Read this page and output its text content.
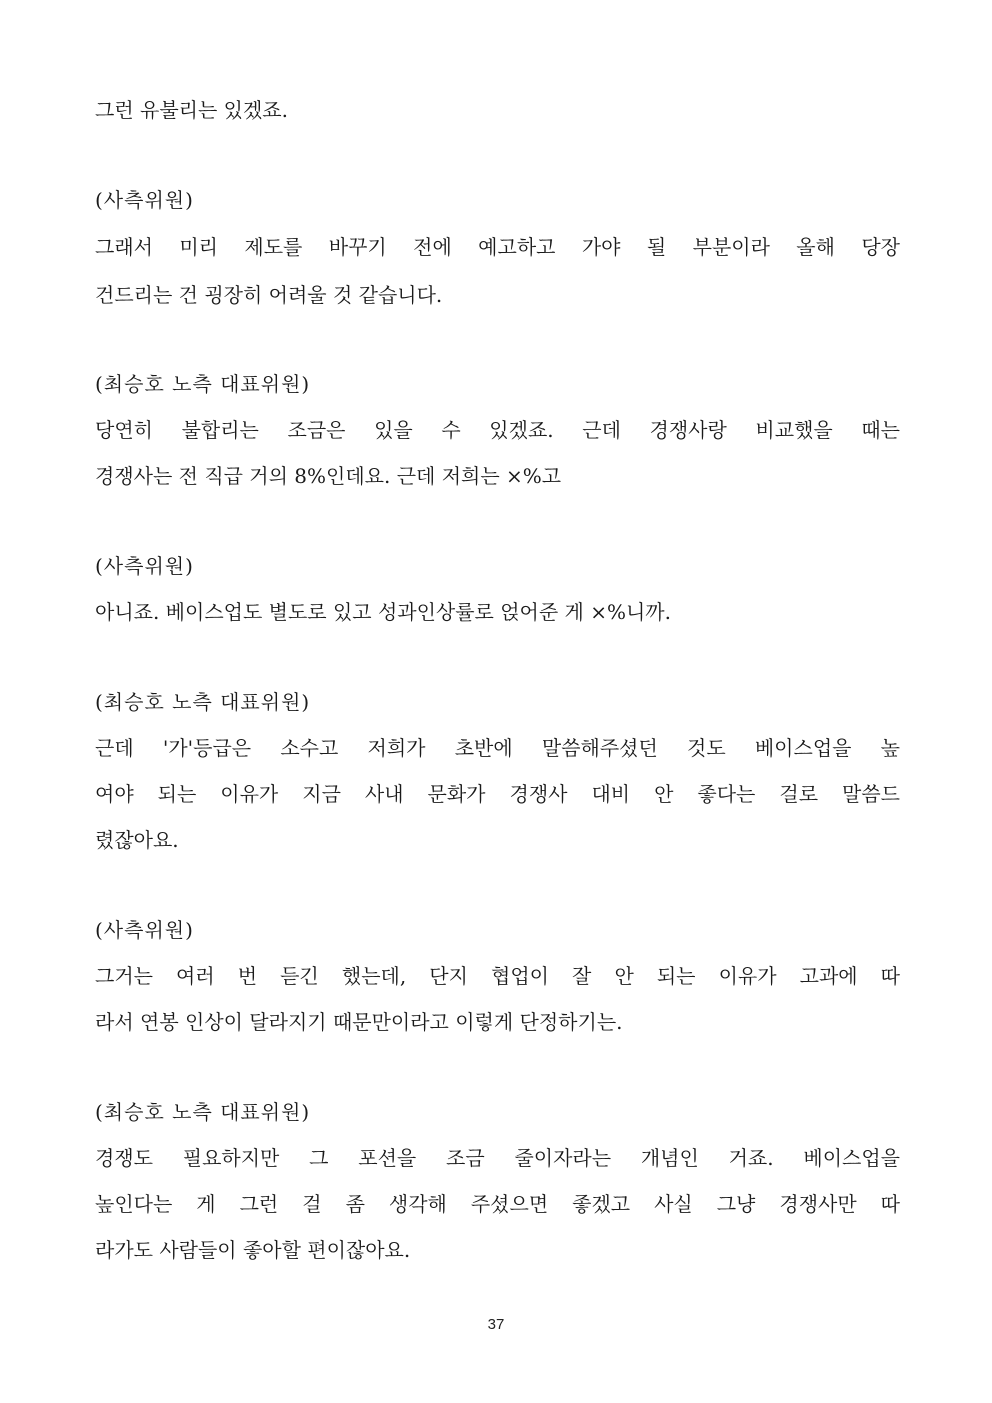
그런 유불리는 있겠죠.
(사측위원)
그래서 미리 제도를 바꾸기 전에 예고하고 가야 될 부분이라 올해 당장
건드리는 건 굉장히 어려울 것 같습니다.
(최승호 노측 대표위원)
당연히 불합리는 조금은 있을 수 있겠죠. 근데 경쟁사랑 비교했을 때는
경쟁사는 전 직급 거의 8%인데요. 근데 저희는 ×%고
(사측위원)
아니죠. 베이스업도 별도로 있고 성과인상률로 얹어준 게 ×%니까.
(최승호 노측 대표위원)
근데 '가'등급은 소수고 저희가 초반에 말씀해주셨던 것도 베이스업을 높
여야 되는 이유가 지금 사내 문화가 경쟁사 대비 안 좋다는 걸로 말씀드
렸잖아요.
(사측위원)
그거는 여러 번 듣긴 했는데, 단지 협업이 잘 안 되는 이유가 고과에 따
라서 연봉 인상이 달라지기 때문만이라고 이렇게 단정하기는.
(최승호 노측 대표위원)
경쟁도 필요하지만 그 포션을 조금 줄이자라는 개념인 거죠. 베이스업을
높인다는 게 그런 걸 좀 생각해 주셨으면 좋겠고 사실 그냥 경쟁사만 따
라가도 사람들이 좋아할 편이잖아요.
37
